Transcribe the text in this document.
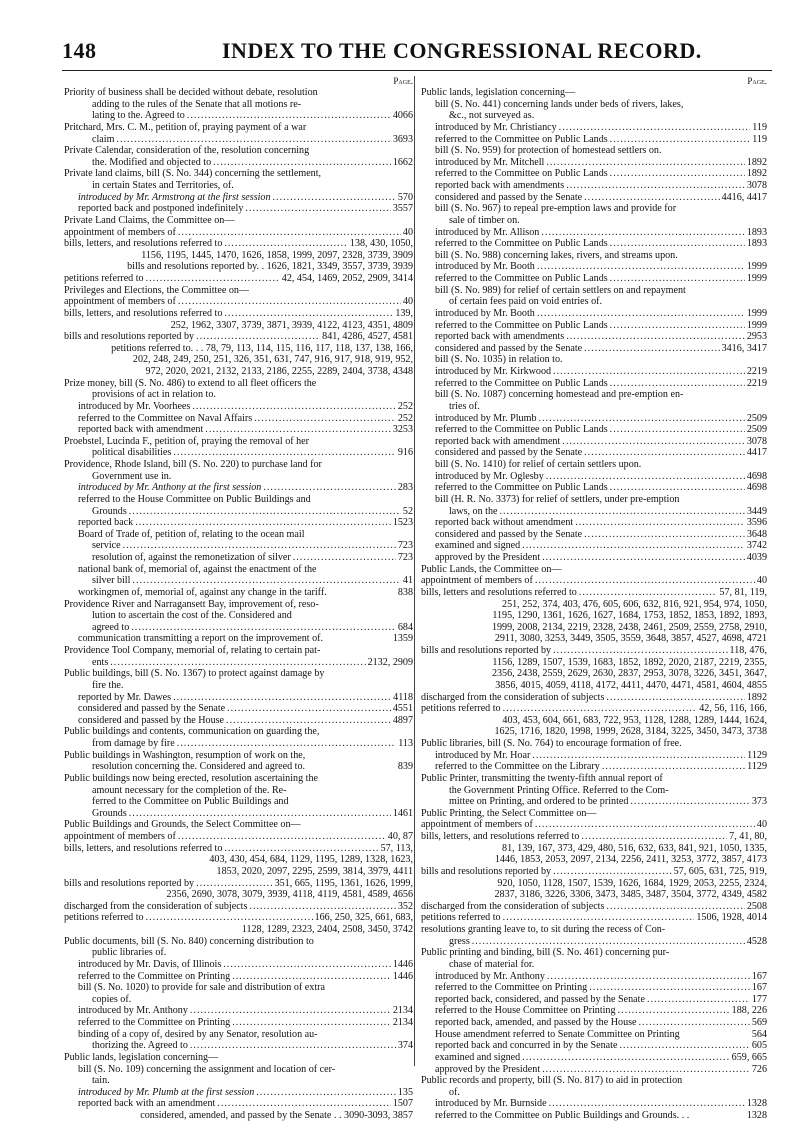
148	INDEX TO THE CONGRESSIONAL RECORD.
Page.
Priority of business shall be decided without debate, resolution
adding to the rules of the Senate that all motions re-
lating to the. Agreed to .....	4066
Pritchard, Mrs. C. M., petition of, praying payment of a war
claim .....	3693
Private Calendar, consideration of the, resolution concerning
the. Modified and objected to .....	1662
Private land claims, bill (S. No. 344) concerning the settlement,
in certain States and Territories, of.
introduced by Mr. Armstrong at the first session .....	570
reported back and postponed indefinitely .....	3557
Private Land Claims, the Committee on—
appointment of members of .....	40
bills, letters, and resolutions referred to .....	138, 430, 1050,
1156, 1195, 1445, 1470, 1626, 1858, 1999, 2097, 2328, 3739, 3909
bills and resolutions reported by. . 1626, 1821, 3349, 3557, 3739, 3939
petitions referred to .....	42, 454, 1469, 2052, 2909, 3414
Privileges and Elections, the Committee on—
appointment of members of .....	40
bills, letters, and resolutions referred to .....	139,
252, 1962, 3307, 3739, 3871, 3939, 4122, 4123, 4351, 4809
bills and resolutions reported by .....	841, 4286, 4527, 4581
petitions referred to. . . 78, 79, 113, 114, 115, 116, 117, 118, 137, 138, 166,
202, 248, 249, 250, 251, 326, 351, 631, 747, 916, 917, 918, 919, 952,
972, 2020, 2021, 2132, 2133, 2186, 2255, 2289, 2404, 3738, 4348
Prize money, bill (S. No. 486) to extend to all fleet officers the
provisions of act in relation to.
introduced by Mr. Voorhees .....	252
referred to the Committee on Naval Affairs .....	252
reported back with amendment .....	3253
Proebstel, Lucinda F., petition of, praying the removal of her
political disabilities .....	916
Providence, Rhode Island, bill (S. No. 220) to purchase land for
Government use in.
introduced by Mr. Anthony at the first session .....	283
referred to the House Committee on Public Buildings and
Grounds .....	52
reported back .....	1523
Board of Trade of, petition of, relating to the ocean mail
service .....	723
resolution of, against the remonetization of silver .....	723
national bank of, memorial of, against the enactment of the
silver bill .....	41
workingmen of, memorial of, against any change in the tariff.	838
Providence River and Narragansett Bay, improvement of, reso-
lution to ascertain the cost of the. Considered and
agreed to .....	684
communication transmitting a report on the improvement of.	1359
Providence Tool Company, memorial of, relating to certain pat-
ents .....	2132, 2909
Public buildings, bill (S. No. 1367) to protect against damage by
fire the.
reported by Mr. Dawes .....	4118
considered and passed by the Senate .....	4551
considered and passed by the House .....	4897
Public buildings and contents, communication on guarding the,
from damage by fire .....	113
Public buildings in Washington, resumption of work on the,
resolution concerning the. Considered and agreed to.	839
Public buildings now being erected, resolution ascertaining the
amount necessary for the completion of the. Re-
ferred to the Committee on Public Buildings and
Grounds .....	1461
Public Buildings and Grounds, the Select Committee on—
appointment of members of .....	40, 87
bills, letters, and resolutions referred to .....	57, 113,
403, 430, 454, 684, 1129, 1195, 1289, 1328, 1623,
1853, 2020, 2097, 2295, 2599, 3814, 3979, 4411
bills and resolutions reported by .....	351, 665, 1195, 1361, 1626, 1999,
2356, 2690, 3078, 3079, 3939, 4118, 4119, 4581, 4589, 4656
discharged from the consideration of subjects .....	352
petitions referred to .....	166, 250, 325, 661, 683,
1128, 1289, 2323, 2404, 2508, 3450, 3742
Public documents, bill (S. No. 840) concerning distribution to
public libraries of.
introduced by Mr. Davis, of Illinois .....	1446
referred to the Committee on Printing .....	1446
bill (S. No. 1020) to provide for sale and distribution of extra
copies of.
introduced by Mr. Anthony .....	2134
referred to the Committee on Printing .....	2134
binding of a copy of, desired by any Senator, resolution au-
thorizing the. Agreed to .....	374
Public lands, legislation concerning—
bill (S. No. 109) concerning the assignment and location of cer-
tain.
introduced by Mr. Plumb at the first session .....	135
reported back with an amendment .....	1507
considered, amended, and passed by the Senate . . 3090-3093, 3857
Page.
Public lands, legislation concerning—
bill (S. No. 441) concerning lands under beds of rivers, lakes,
&c., not surveyed as.
introduced by Mr. Christiancy .....	119
referred to the Committee on Public Lands .....	119
bill (S. No. 959) for protection of homestead settlers on.
introduced by Mr. Mitchell .....	1892
referred to the Committee on Public Lands .....	1892
reported back with amendments .....	3078
considered and passed by the Senate .....	4416, 4417
bill (S. No. 967) to repeal pre-emption laws and provide for
sale of timber on.
introduced by Mr. Allison .....	1893
referred to the Committee on Public Lands .....	1893
bill (S. No. 988) concerning lakes, rivers, and streams upon.
introduced by Mr. Booth .....	1999
referred to the Committee on Public Lands .....	1999
bill (S. No. 989) for relief of certain settlers on and repayment
of certain fees paid on void entries of.
introduced by Mr. Booth .....	1999
referred to the Committee on Public Lands .....	1999
reported back with amendments .....	2953
considered and passed by the Senate .....	3416, 3417
bill (S. No. 1035) in relation to.
introduced by Mr. Kirkwood .....	2219
referred to the Committee on Public Lands .....	2219
bill (S. No. 1087) concerning homestead and pre-emption en-
tries of.
introduced by Mr. Plumb .....	2509
referred to the Committee on Public Lands .....	2509
reported back with amendment .....	3078
considered and passed by the Senate .....	4417
bill (S. No. 1410) for relief of certain settlers upon.
introduced by Mr. Oglesby .....	4698
referred to the Committee on Public Lands .....	4698
bill (H. R. No. 3373) for relief of settlers, under pre-emption
laws, on the .....	3449
reported back without amendment .....	3596
considered and passed by the Senate .....	3648
examined and signed .....	3742
approved by the President .....	4039
Public Lands, the Committee on—
appointment of members of .....	40
bills, letters and resolutions referred to .....	57, 81, 119,
251, 252, 374, 403, 476, 605, 606, 632, 816, 921, 954, 974, 1050,
1195, 1290, 1361, 1626, 1627, 1684, 1753, 1852, 1853, 1892, 1893,
1999, 2008, 2134, 2219, 2328, 2438, 2461, 2509, 2559, 2758, 2910,
2911, 3080, 3253, 3449, 3505, 3559, 3648, 3857, 4527, 4698, 4721
bills and resolutions reported by .....	118, 476,
1156, 1289, 1507, 1539, 1683, 1852, 1892, 2020, 2187, 2219, 2355,
2356, 2438, 2559, 2629, 2630, 2837, 2953, 3078, 3226, 3451, 3647,
3856, 4015, 4059, 4118, 4172, 4411, 4470, 4471, 4581, 4604, 4855
discharged from the consideration of subjects .....	1892
petitions referred to .....	42, 56, 116, 166,
403, 453, 604, 661, 683, 722, 953, 1128, 1288, 1289, 1444, 1624,
1625, 1716, 1820, 1998, 1999, 2628, 3184, 3225, 3450, 3473, 3738
Public libraries, bill (S. No. 764) to encourage formation of free.
introduced by Mr. Hoar .....	1129
referred to the Committee on the Library .....	1129
Public Printer, transmitting the twenty-fifth annual report of
the Government Printing Office. Referred to the Com-
mittee on Printing, and ordered to be printed .....	373
Public Printing, the Select Committee on—
appointment of members of .....	40
bills, letters, and resolutions referred to .....	7, 41, 80,
81, 139, 167, 373, 429, 480, 516, 632, 633, 841, 921, 1050, 1335,
1446, 1853, 2053, 2097, 2134, 2256, 2411, 3253, 3772, 3857, 4173
bills and resolutions reported by .....	57, 605, 631, 725, 919,
920, 1050, 1128, 1507, 1539, 1626, 1684, 1929, 2053, 2255, 2324,
2837, 3186, 3226, 3306, 3473, 3485, 3487, 3504, 3772, 4349, 4582
discharged from the consideration of subjects .....	2508
petitions referred to .....	1506, 1928, 4014
resolutions granting leave to, to sit during the recess of Con-
gress .....	4528
Public printing and binding, bill (S. No. 461) concerning pur-
chase of material for.
introduced by Mr. Anthony .....	167
referred to the Committee on Printing .....	167
reported back, considered, and passed by the Senate .....	177
referred to the House Committee on Printing .....	188, 226
reported back, amended, and passed by the House .....	569
House amendment referred to Senate Committee on Printing	564
reported back and concurred in by the Senate .....	605
examined and signed .....	659, 665
approved by the President .....	726
Public records and property, bill (S. No. 817) to aid in protection
of.
introduced by Mr. Burnside .....	1328
referred to the Committee on Public Buildings and Grounds. . .	1328
